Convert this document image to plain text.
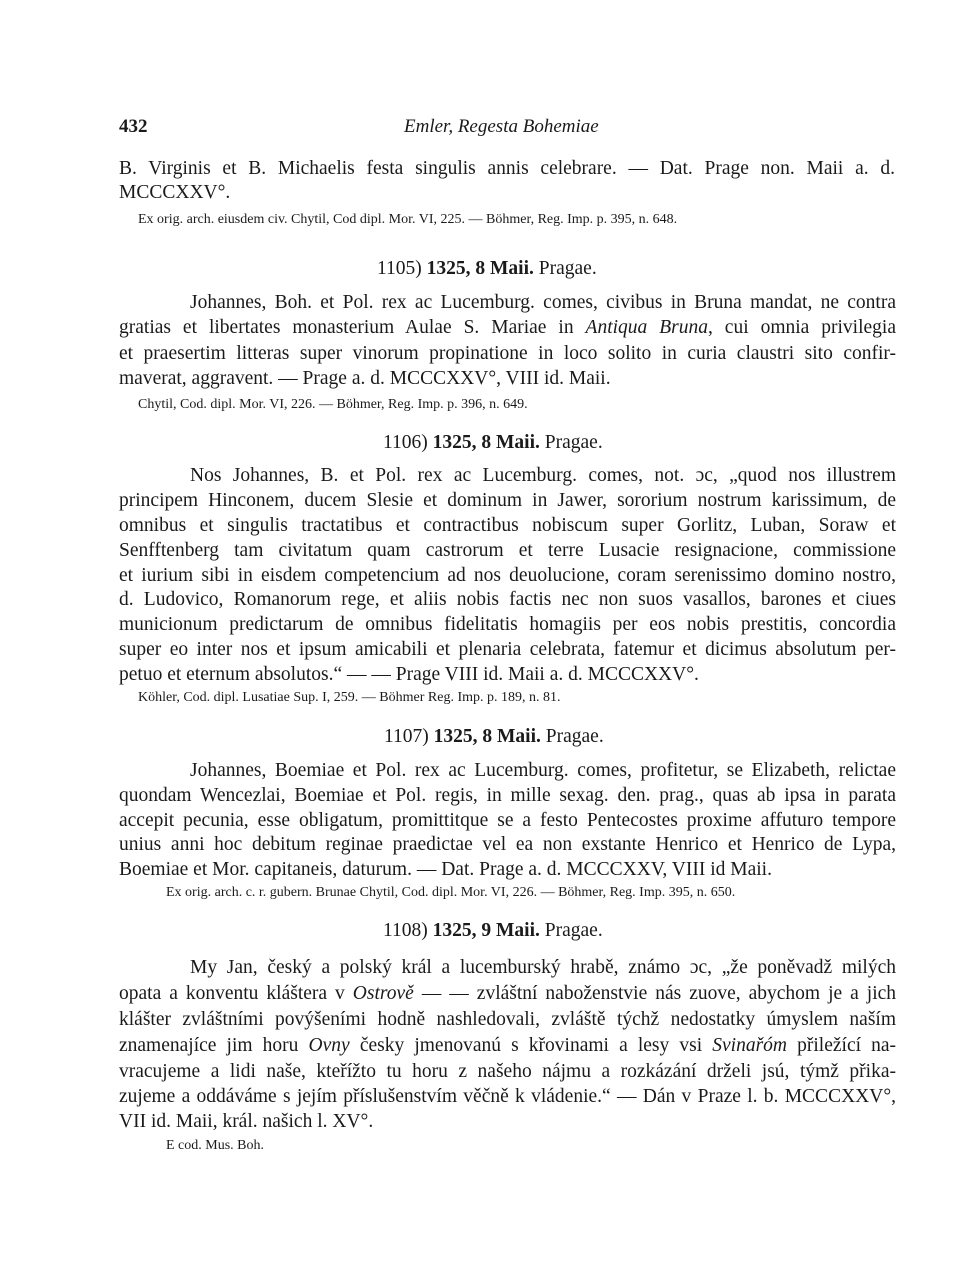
432	Emler, Regesta Bohemiae
B. Virginis et B. Michaelis festa singulis annis celebrare. — Dat. Prage non. Maii a. d.
MCCCXXV°.
Ex orig. arch. eiusdem civ. Chytil, Cod dipl. Mor. VI, 225. — Böhmer, Reg. Imp. p. 395, n. 648.
1105) 1325, 8 Maii. Pragae.
Johannes, Boh. et Pol. rex ac Lucemburg. comes, civibus in Bruna mandat, ne contra
gratias et libertates monasterium Aulae S. Mariae in Antiqua Bruna, cui omnia privilegia
et praesertim litteras super vinorum propinatione in loco solito in curia claustri sito confir-
maverat, aggravent. — Prage a. d. MCCCXXV°, VIII id. Maii.
Chytil, Cod. dipl. Mor. VI, 226. — Böhmer, Reg. Imp. p. 396, n. 649.
1106) 1325, 8 Maii. Pragae.
Nos Johannes, B. et Pol. rex ac Lucemburg. comes, not. ɔc, „quod nos illustrem
principem Hinconem, ducem Slesie et dominum in Jawer, sororium nostrum karissimum, de
omnibus et singulis tractatibus et contractibus nobiscum super Gorlitz, Luban, Soraw et
Senfftenberg tam civitatum quam castrorum et terre Lusacie resignacione, commissione
et iurium sibi in eisdem competencium ad nos deuolucione, coram serenissimo domino nostro,
d. Ludovico, Romanorum rege, et aliis nobis factis nec non suos vasallos, barones et ciues
municionum predictarum de omnibus fidelitatis homagiis per eos nobis prestitis, concordia
super eo inter nos et ipsum amicabili et plenaria celebrata, fatemur et dicimus absolutum per-
petuo et eternum absolutos.“ — — Prage VIII id. Maii a. d. MCCCXXV°.
Köhler, Cod. dipl. Lusatiae Sup. I, 259. — Böhmer Reg. Imp. p. 189, n. 81.
1107) 1325, 8 Maii. Pragae.
Johannes, Boemiae et Pol. rex ac Lucemburg. comes, profitetur, se Elizabeth, relictae
quondam Wencezlai, Boemiae et Pol. regis, in mille sexag. den. prag., quas ab ipsa in parata
accepit pecunia, esse obligatum, promittitque se a festo Pentecostes proxime affuturo tempore
unius anni hoc debitum reginae praedictae vel ea non exstante Henrico et Henrico de Lypa,
Boemiae et Mor. capitaneis, daturum. — Dat. Prage a. d. MCCCXXV, VIII id Maii.
Ex orig. arch. c. r. gubern. Brunae Chytil, Cod. dipl. Mor. VI, 226. — Böhmer, Reg. Imp. 395, n. 650.
1108) 1325, 9 Maii. Pragae.
My Jan, český a polský král a lucemburský hrabě, známo ɔc, „že poněvadž milých
opata a konventu kláštera v Ostrově — — zvláštní naboženstvie nás zuove, abychom je a jich
klášter zvláštními povýšeními hodně nashledovali, zvláště týchž nedostatky úmyslem naším
znamenajíce jim horu Ovny česky jmenovanú s křovinami a lesy vsi Svinařóm přiležící na-
vracujeme a lidi naše, kteřížto tu horu z našeho nájmu a rozkázání drželi jsú, týmž přika-
zujeme a oddáváme s jejím příslušenstvím věčně k vládenie.“ — Dán v Praze l. b. MCCCXXV°,
VII id. Maii, král. našich l. XV°.
E cod. Mus. Boh.
